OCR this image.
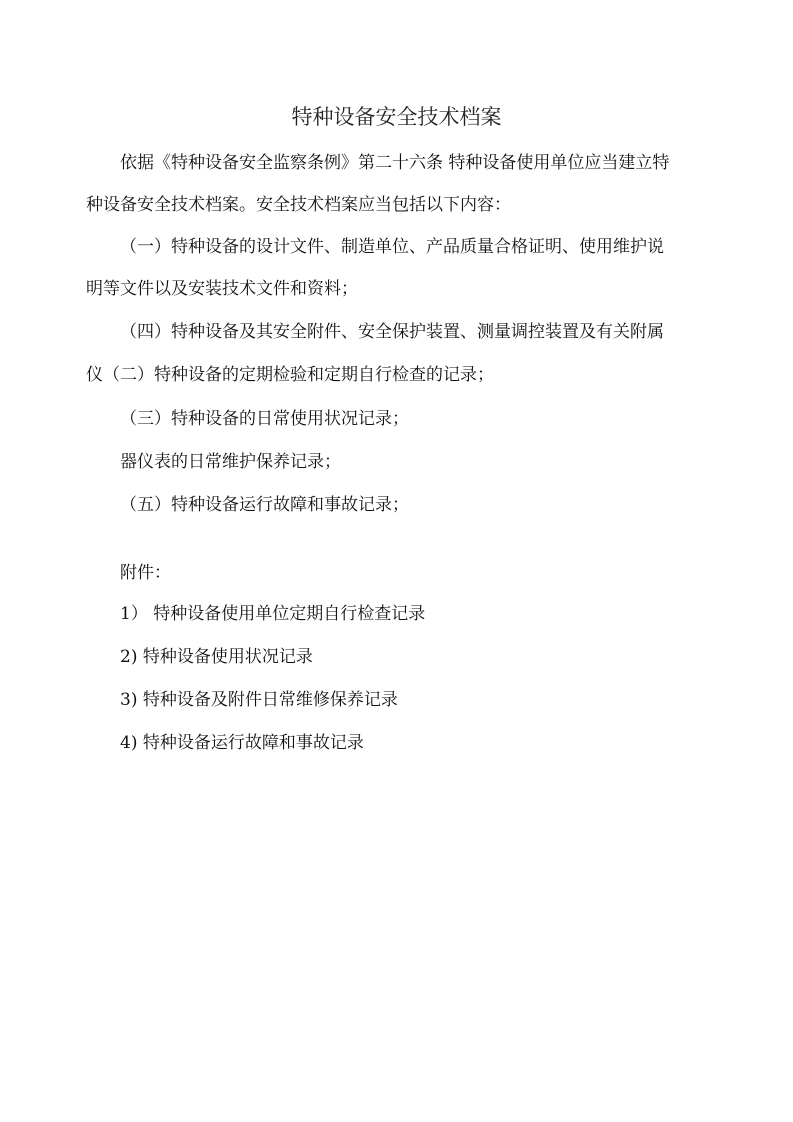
特种设备安全技术档案
依据《特种设备安全监察条例》第二十六条 特种设备使用单位应当建立特
种设备安全技术档案。安全技术档案应当包括以下内容：
（一）特种设备的设计文件、制造单位、产品质量合格证明、使用维护说
明等文件以及安装技术文件和资料；
（四）特种设备及其安全附件、安全保护装置、测量调控装置及有关附属
仪（二）特种设备的定期检验和定期自行检查的记录；
（三）特种设备的日常使用状况记录；
器仪表的日常维护保养记录；
（五）特种设备运行故障和事故记录；
附件：
1） 特种设备使用单位定期自行检查记录
2) 特种设备使用状况记录
3) 特种设备及附件日常维修保养记录
4) 特种设备运行故障和事故记录
